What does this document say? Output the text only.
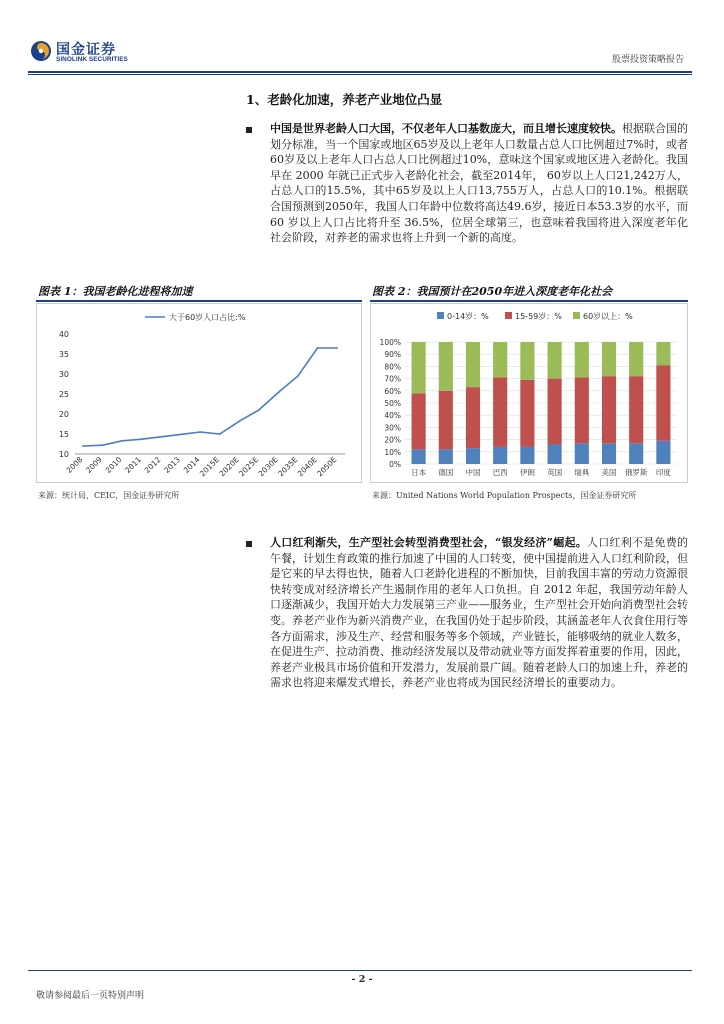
国金证券
SINOLINK SECURITIES	股票投资策略报告
1、老龄化加速，养老产业地位凸显
中国是世界老龄人口大国，不仅老年人口基数庞大，而且增长速度较快。根据联合国的划分标准，当一个国家或地区65岁及以上老年人口数量占总人口比例超过7%时，或者60岁及以上老年人口占总人口比例超过10%，意味这个国家或地区进入老龄化。我国早在 2000 年就已正式步入老龄化社会，截至2014年， 60岁以上人口21,242万人，占总人口的15.5%，其中65岁及以上人口13,755万人，占总人口的10.1%。根据联合国预测到2050年，我国人口年龄中位数将高达49.6岁，接近日本53.3岁的水平，而 60 岁以上人口占比将升至 36.5%，位居全球第三，也意味着我国将进入深度老年化社会阶段，对养老的需求也将上升到一个新的高度。
图表 1：我国老龄化进程将加速
10
15
20
25
30
35
40
2008 2009 2010 2011 2012 2013 2014
2015E
2020E
2025E
2030E
2035E
2040E
2050E
大于60岁人口占比:%
来源：统计局，CEIC，国金证券研究所
图表 2：我国预计在2050年进入深度老年化社会
0%
10%
20%
30%
40%
50%
60%
70%
80%
90%
100%
日本 德国 中国 巴西 伊朗 英国 瑞典 美国 俄罗斯 印度
0-14岁：%	15-59岁：%	60岁以上：%
来源：United Nations World Population Prospects，国金证券研究所
人口红利渐失，生产型社会转型消费型社会，“银发经济”崛起。人口红利不是免费的午餐，计划生育政策的推行加速了中国的人口转变，使中国提前进入人口红利阶段，但是它来的早去得也快，随着人口老龄化进程的不断加快，目前我国丰富的劳动力资源很快转变成对经济增长产生遏制作用的老年人口负担。自 2012 年起，我国劳动年龄人口逐渐减少，我国开始大力发展第三产业——服务业，生产型社会开始向消费型社会转变。养老产业作为新兴消费产业，在我国仍处于起步阶段，其涵盖老年人衣食住用行等各方面需求，涉及生产、经营和服务等多个领域，产业链长，能够吸纳的就业人数多，在促进生产、拉动消费、推动经济发展以及带动就业等方面发挥着重要的作用，因此，养老产业极具市场价值和开发潜力，发展前景广阔。随着老龄人口的加速上升，养老的需求也将迎来爆发式增长，养老产业也将成为国民经济增长的重要动力。
- 2 -
敬请参阅最后一页特别声明
